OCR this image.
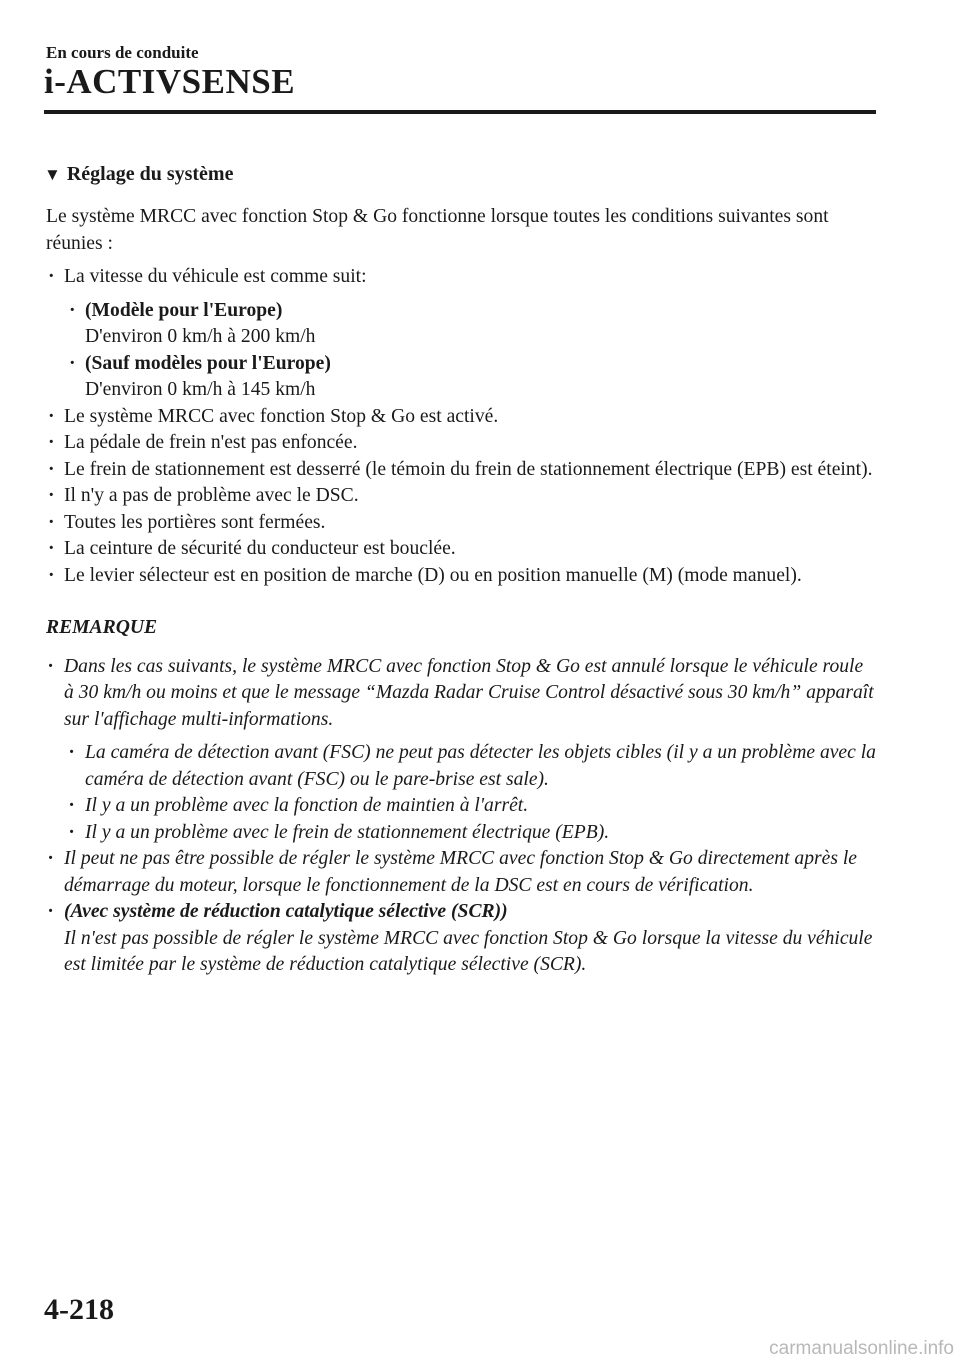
En cours de conduite
i-ACTIVSENSE
▼ Réglage du système

Le système MRCC avec fonction Stop & Go fonctionne lorsque toutes les conditions suivantes sont réunies :

· La vitesse du véhicule est comme suit:
· (Modèle pour l'Europe)
D'environ 0 km/h à 200 km/h
· (Sauf modèles pour l'Europe)
D'environ 0 km/h à 145 km/h
· Le système MRCC avec fonction Stop & Go est activé.
· La pédale de frein n'est pas enfoncée.
· Le frein de stationnement est desserré (le témoin du frein de stationnement électrique (EPB) est éteint).
· Il n'y a pas de problème avec le DSC.
· Toutes les portières sont fermées.
· La ceinture de sécurité du conducteur est bouclée.
· Le levier sélecteur est en position de marche (D) ou en position manuelle (M) (mode manuel).
REMARQUE
· Dans les cas suivants, le système MRCC avec fonction Stop & Go est annulé lorsque le véhicule roule à 30 km/h ou moins et que le message “Mazda Radar Cruise Control désactivé sous 30 km/h” apparaît sur l'affichage multi-informations.
· La caméra de détection avant (FSC) ne peut pas détecter les objets cibles (il y a un problème avec la caméra de détection avant (FSC) ou le pare-brise est sale).
· Il y a un problème avec la fonction de maintien à l'arrêt.
· Il y a un problème avec le frein de stationnement électrique (EPB).
· Il peut ne pas être possible de régler le système MRCC avec fonction Stop & Go directement après le démarrage du moteur, lorsque le fonctionnement de la DSC est en cours de vérification.
· (Avec système de réduction catalytique sélective (SCR))
Il n'est pas possible de régler le système MRCC avec fonction Stop & Go lorsque la vitesse du véhicule est limitée par le système de réduction catalytique sélective (SCR).
4-218
carmanualsonline.info
